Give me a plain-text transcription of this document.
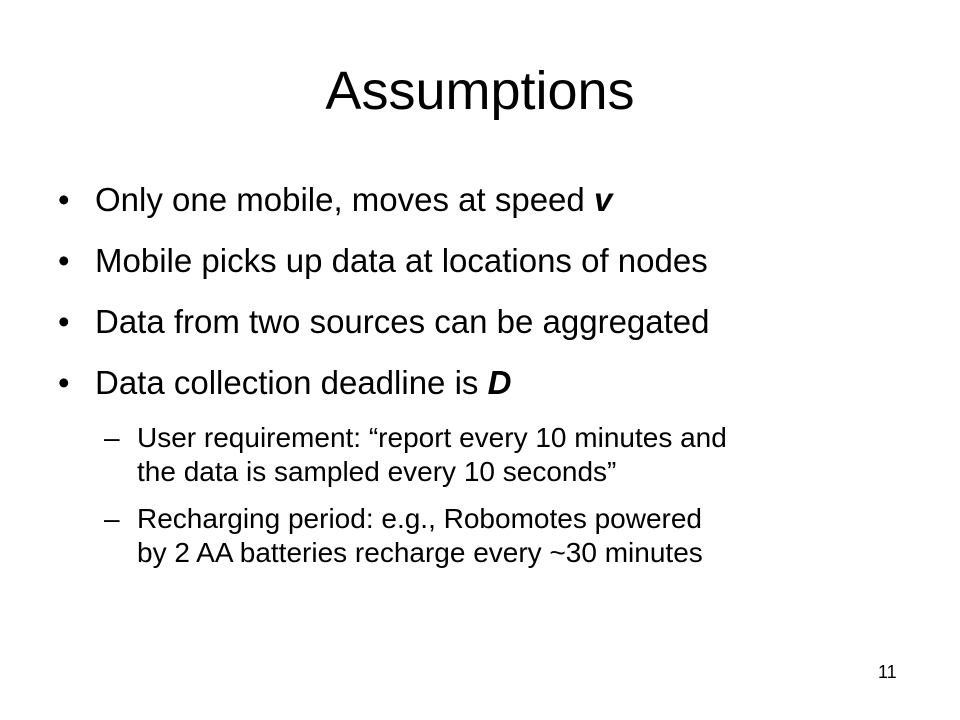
Assumptions
• Only one mobile, moves at speed v
• Mobile picks up data at locations of nodes
• Data from two sources can be aggregated
• Data collection deadline is D
– User requirement: “report every 10 minutes and
the data is sampled every 10 seconds”
– Recharging period: e.g., Robomotes powered
by 2 AA batteries recharge every ~30 minutes
11
